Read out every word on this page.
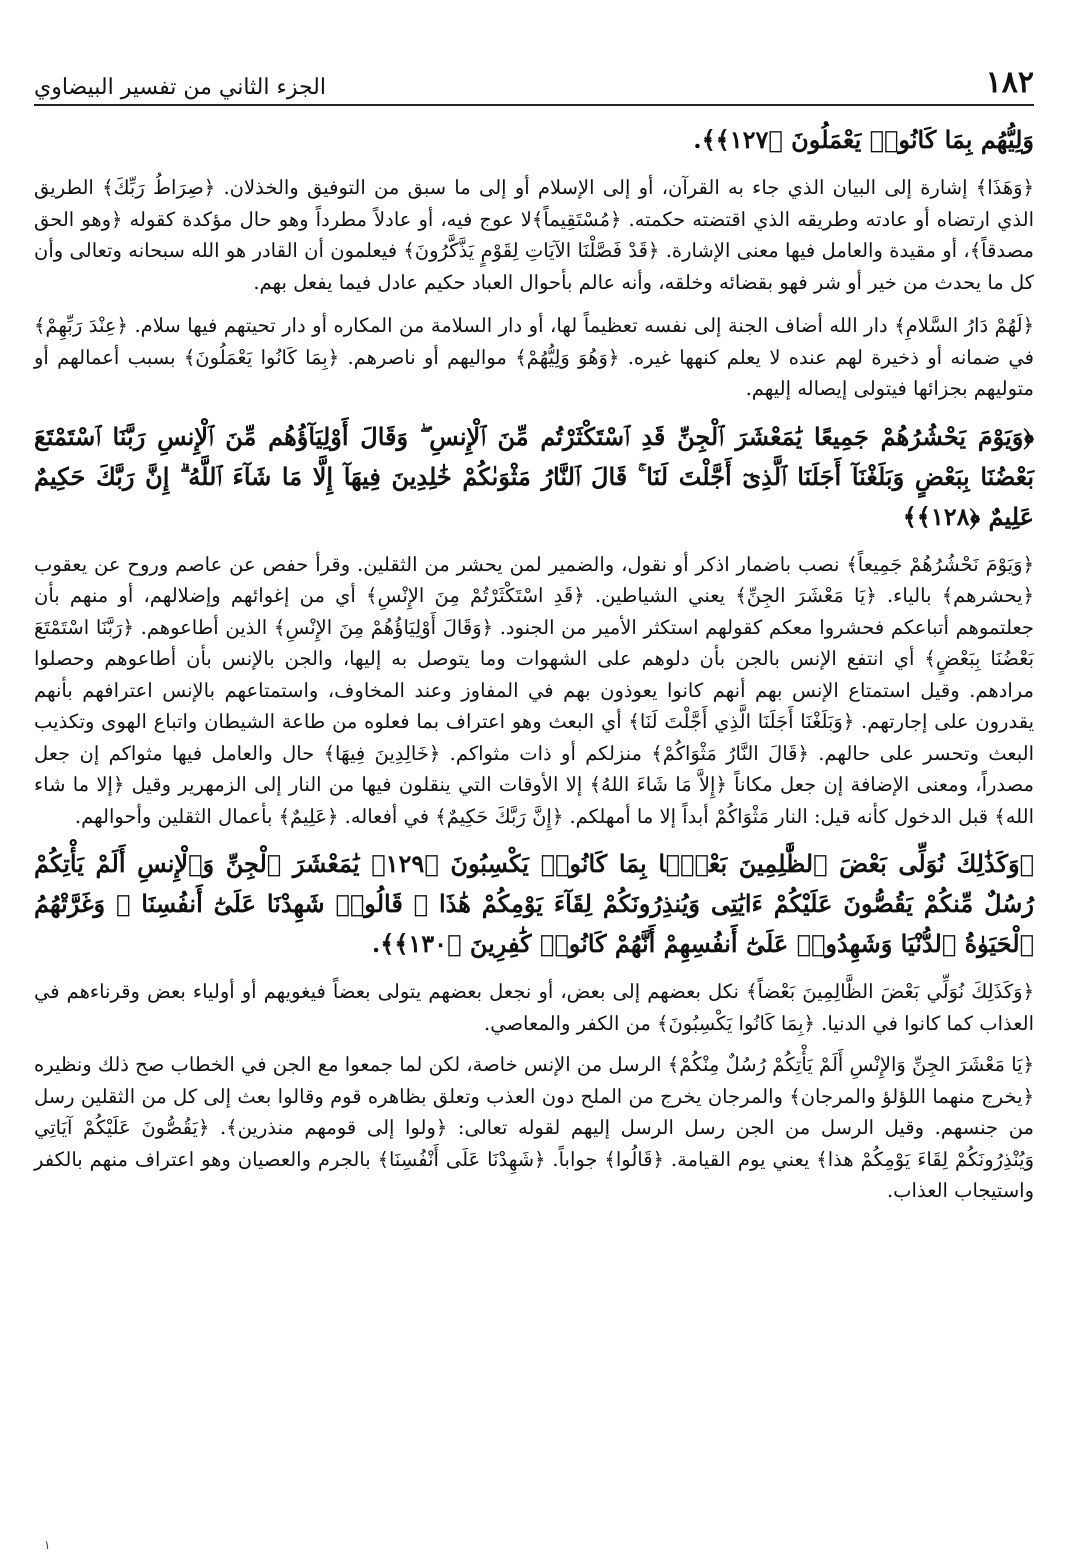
١٨٢
الجزء الثاني من تفسير البيضاوي

وَلِيُّهُم بِمَا كَانُوا۟ يَعْمَلُونَ ﴿١٢٧﴾﴾.

﴿وَهَذَا﴾ إشارة إلى البيان الذي جاء به القرآن، أو إلى الإسلام أو إلى ما سبق من التوفيق والخذلان. ﴿صِرَاطُ رَبِّكَ﴾ الطريق الذي ارتضاه أو عادته وطريقه الذي اقتضته حكمته. ﴿مُسْتَقِيماً﴾لا عوج فيه، أو عادلاً مطرداً وهو حال مؤكدة كقوله ﴿وهو الحق مصدقاً﴾، أو مقيدة والعامل فيها معنى الإشارة. ﴿قَدْ فَصَّلْنَا الآيَاتِ لِقَوْمٍ يَذَّكَّرُونَ﴾ فيعلمون أن القادر هو الله سبحانه وتعالى وأن كل ما يحدث من خير أو شر فهو بقضائه وخلقه، وأنه عالم بأحوال العباد حكيم عادل فيما يفعل بهم.

﴿لَهُمْ دَارُ السَّلامِ﴾ دار الله أضاف الجنة إلى نفسه تعظيماً لها، أو دار السلامة من المكاره أو دار تحيتهم فيها سلام. ﴿عِنْدَ رَبِّهِمْ﴾ في ضمانه أو ذخيرة لهم عنده لا يعلم كنهها غيره. ﴿وَهُوَ وَلِيُّهُمْ﴾ مواليهم أو ناصرهم. ﴿بِمَا كَانُوا يَعْمَلُونَ﴾ بسبب أعمالهم أو متوليهم بجزائها فيتولى إيصاله إليهم.

﴿وَيَوْمَ يَحْشُرُهُمْ جَمِيعًا يَٰمَعْشَرَ ٱلْجِنِّ قَدِ ٱسْتَكْثَرْتُم مِّنَ ٱلْإِنسِ ۖ وَقَالَ أَوْلِيَآؤُهُم مِّنَ ٱلْإِنسِ رَبَّنَا ٱسْتَمْتَعَ بَعْضُنَا بِبَعْضٍ وَبَلَغْنَآ أَجَلَنَا ٱلَّذِىٓ أَجَّلْتَ لَنَا ۚ قَالَ ٱلنَّارُ مَثْوَىٰكُمْ خَٰلِدِينَ فِيهَآ إِلَّا مَا شَآءَ ٱللَّهُ ۗ إِنَّ رَبَّكَ حَكِيمٌ عَلِيمٌ ﴿١٢٨﴾﴾

﴿وَيَوْمَ نَحْشُرُهُمْ جَمِيعاً﴾ نصب باضمار اذكر أو نقول، والضمير لمن يحشر من الثقلين. وقرأ حفص عن عاصم وروح عن يعقوب ﴿يحشرهم﴾ بالياء. ﴿يَا مَعْشَرَ الجِنِّ﴾ يعني الشياطين. ﴿قَدِ اسْتَكْثَرْتُمْ مِنَ الإِنْسِ﴾ أي من إغوائهم وإضلالهم، أو منهم بأن جعلتموهم أتباعكم فحشروا معكم كقولهم استكثر الأمير من الجنود. ﴿وَقَالَ أَوْلِيَاؤُهُمْ مِنَ الإِنْسِ﴾ الذين أطاعوهم. ﴿رَبَّنَا اسْتَمْتَعَ بَعْضُنَا بِبَعْضٍ﴾ أي انتفع الإنس بالجن بأن دلوهم على الشهوات وما يتوصل به إليها، والجن بالإنس بأن أطاعوهم وحصلوا مرادهم. وقيل استمتاع الإنس بهم أنهم كانوا يعوذون بهم في المفاوز وعند المخاوف، واستمتاعهم بالإنس اعترافهم بأنهم يقدرون على إجارتهم. ﴿وَبَلَغْنَا أَجَلَنَا الَّذِي أَجَّلْتَ لَنَا﴾ أي البعث وهو اعتراف بما فعلوه من طاعة الشيطان واتباع الهوى وتكذيب البعث وتحسر على حالهم. ﴿قَالَ النَّارُ مَثْوَاكُمْ﴾ منزلكم أو ذات مثواكم. ﴿خَالِدِينَ فِيهَا﴾ حال والعامل فيها مثواكم إن جعل مصدراً، ومعنى الإضافة إن جعل مكاناً ﴿إِلاَّ مَا شَاءَ اللهُ﴾ إلا الأوقات التي ينقلون فيها من النار إلى الزمهرير وقيل ﴿إلا ما شاء الله﴾ قبل الدخول كأنه قيل: النار مَثْوَاكُمْ أبداً إلا ما أمهلكم. ﴿إِنَّ رَبَّكَ حَكِيمٌ﴾ في أفعاله. ﴿عَلِيمٌ﴾ بأعمال الثقلين وأحوالهم.

﴿وَكَذَٰلِكَ نُوَلِّى بَعْضَ ٱلظَّٰلِمِينَ بَعْضًۢا بِمَا كَانُوا۟ يَكْسِبُونَ ﴿١٢٩﴾ يَٰمَعْشَرَ ٱلْجِنِّ وَٱلْإِنسِ أَلَمْ يَأْتِكُمْ رُسُلٌ مِّنكُمْ يَقُصُّونَ عَلَيْكُمْ ءَايَٰتِى وَيُنذِرُونَكُمْ لِقَآءَ يَوْمِكُمْ هَٰذَا ۚ قَالُوا۟ شَهِدْنَا عَلَىٰٓ أَنفُسِنَا ۖ وَغَرَّتْهُمُ ٱلْحَيَوٰةُ ٱلدُّنْيَا وَشَهِدُوا۟ عَلَىٰٓ أَنفُسِهِمْ أَنَّهُمْ كَانُوا۟ كَٰفِرِينَ ﴿١٣٠﴾﴾.

﴿وَكَذَلِكَ نُوَلِّي بَعْضَ الظَّالِمِينَ بَعْضاً﴾ نكل بعضهم إلى بعض، أو نجعل بعضهم يتولى بعضاً فيغويهم أو أولياء بعض وقرناءهم في العذاب كما كانوا في الدنيا. ﴿بِمَا كَانُوا يَكْسِبُونَ﴾ من الكفر والمعاصي.

﴿يَا مَعْشَرَ الجِنِّ وَالإِنْسِ أَلَمْ يَأْتِكُمْ رُسُلٌ مِنْكُمْ﴾ الرسل من الإنس خاصة، لكن لما جمعوا مع الجن في الخطاب صح ذلك ونظيره ﴿يخرج منهما اللؤلؤ والمرجان﴾ والمرجان يخرج من الملح دون العذب وتعلق بظاهره قوم وقالوا بعث إلى كل من الثقلين رسل من جنسهم. وقيل الرسل من الجن رسل الرسل إليهم لقوله تعالى: ﴿ولوا إلى قومهم منذرين﴾. ﴿يَقُصُّونَ عَلَيْكُمْ آيَاتِي وَيُنْذِرُونَكُمْ لِقَاءَ يَوْمِكُمْ هذا﴾ يعني يوم القيامة. ﴿قَالُوا﴾ جواباً. ﴿شَهِدْنَا عَلَى أَنْفُسِنَا﴾ بالجرم والعصيان وهو اعتراف منهم بالكفر واستيجاب العذاب.

١
